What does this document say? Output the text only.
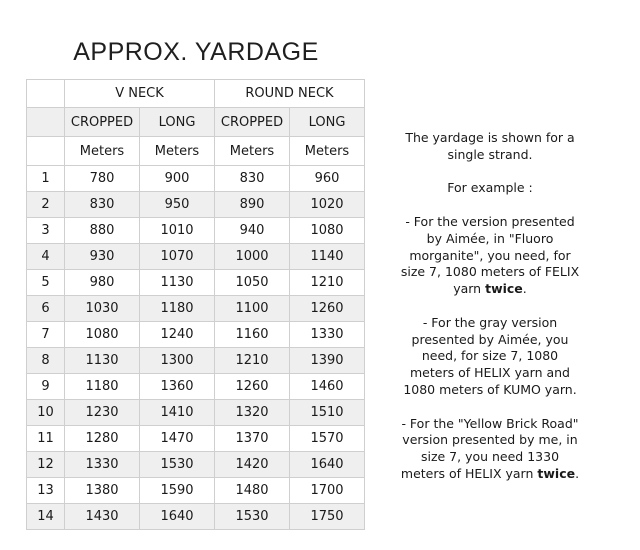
APPROX. YARDAGE
	V NECK		ROUND NECK	
	CROPPED	LONG	CROPPED	LONG
	Meters	Meters	Meters	Meters
1	780	900	830	960
2	830	950	890	1020
3	880	1010	940	1080
4	930	1070	1000	1140
5	980	1130	1050	1210
6	1030	1180	1100	1260
7	1080	1240	1160	1330
8	1130	1300	1210	1390
9	1180	1360	1260	1460
10	1230	1410	1320	1510
11	1280	1470	1370	1570
12	1330	1530	1420	1640
13	1380	1590	1480	1700
14	1430	1640	1530	1750

The yardage is shown for a single strand.

For example :

- For the version presented by Aimée, in "Fluoro morganite", you need, for size 7, 1080 meters of FELIX yarn twice.

- For the gray version presented by Aimée, you need, for size 7, 1080 meters of HELIX yarn and 1080 meters of KUMO yarn.

- For the "Yellow Brick Road" version presented by me, in size 7, you need 1330 meters of HELIX yarn twice.
